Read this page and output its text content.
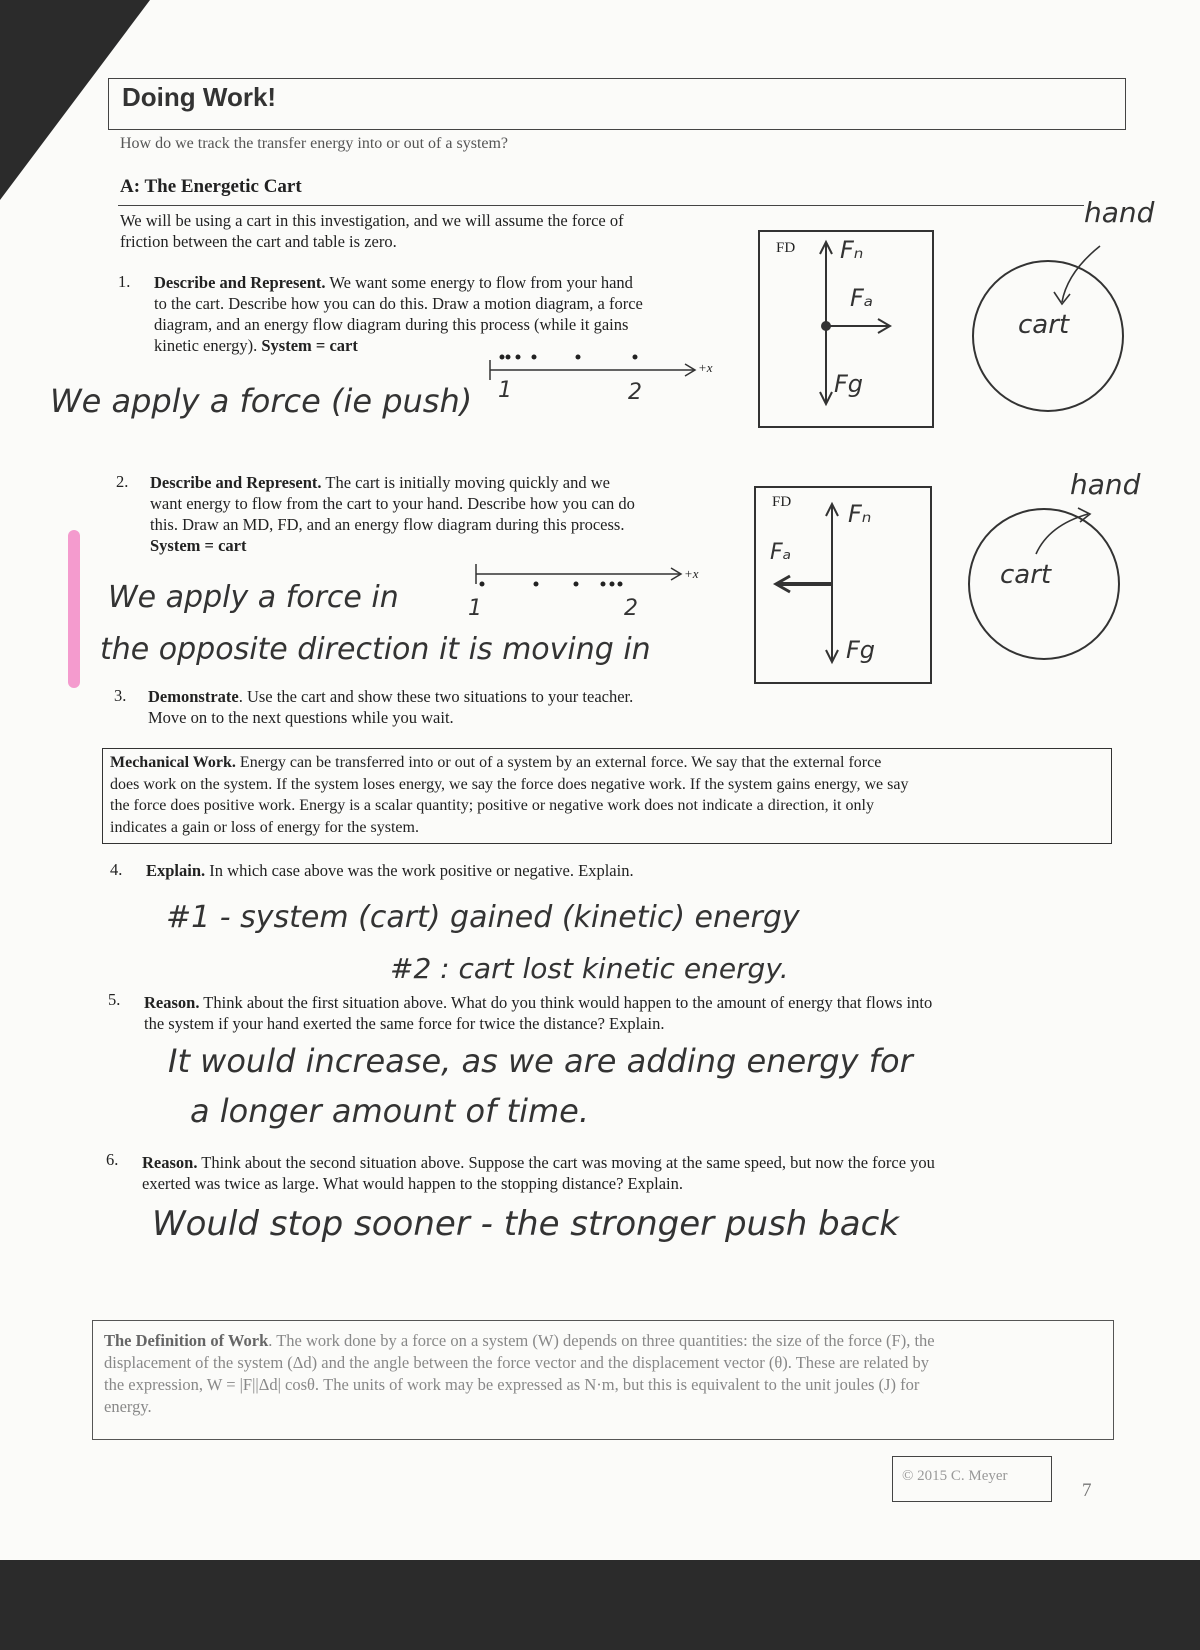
Doing Work!
How do we track the transfer energy into or out of a system?
A: The Energetic Cart
We will be using a cart in this investigation, and we will assume the force of
friction between the cart and table is zero.
1. Describe and Represent. We want some energy to flow from your hand
to the cart. Describe how you can do this. Draw a motion diagram, a force
diagram, and an energy flow diagram during this process (while it gains
kinetic energy). System = cart
We apply a force (ie push)
+x
1	2
FD Fₙ
Fₐ
Fg
hand
cart
2. Describe and Represent. The cart is initially moving quickly and we
want energy to flow from the cart to your hand. Describe how you can do
this. Draw an MD, FD, and an energy flow diagram during this process.
System = cart
We apply a force in
the opposite direction it is moving in
+x
1	2
FD Fₙ
Fₐ
Fg
hand
cart
3. Demonstrate. Use the cart and show these two situations to your teacher.
Move on to the next questions while you wait.
Mechanical Work. Energy can be transferred into or out of a system by an external force. We say that the external force
does work on the system. If the system loses energy, we say the force does negative work. If the system gains energy, we say
the force does positive work. Energy is a scalar quantity; positive or negative work does not indicate a direction, it only
indicates a gain or loss of energy for the system.
4. Explain. In which case above was the work positive or negative. Explain.
#1 - system (cart) gained (kinetic) energy
#2 : cart lost kinetic energy.
5. Reason. Think about the first situation above. What do you think would happen to the amount of energy that flows into
the system if your hand exerted the same force for twice the distance? Explain.
It would increase, as we are adding energy for
a longer amount of time.
6. Reason. Think about the second situation above. Suppose the cart was moving at the same speed, but now the force you
exerted was twice as large. What would happen to the stopping distance? Explain.
Would stop sooner - the stronger push back
The Definition of Work. The work done by a force on a system (W) depends on three quantities: the size of the force (F), the
displacement of the system (Δd) and the angle between the force vector and the displacement vector (θ). These are related by
the expression, W = |F||Δd| cosθ. The units of work may be expressed as N·m, but this is equivalent to the unit joules (J) for
energy.
© 2015 C. Meyer
7
